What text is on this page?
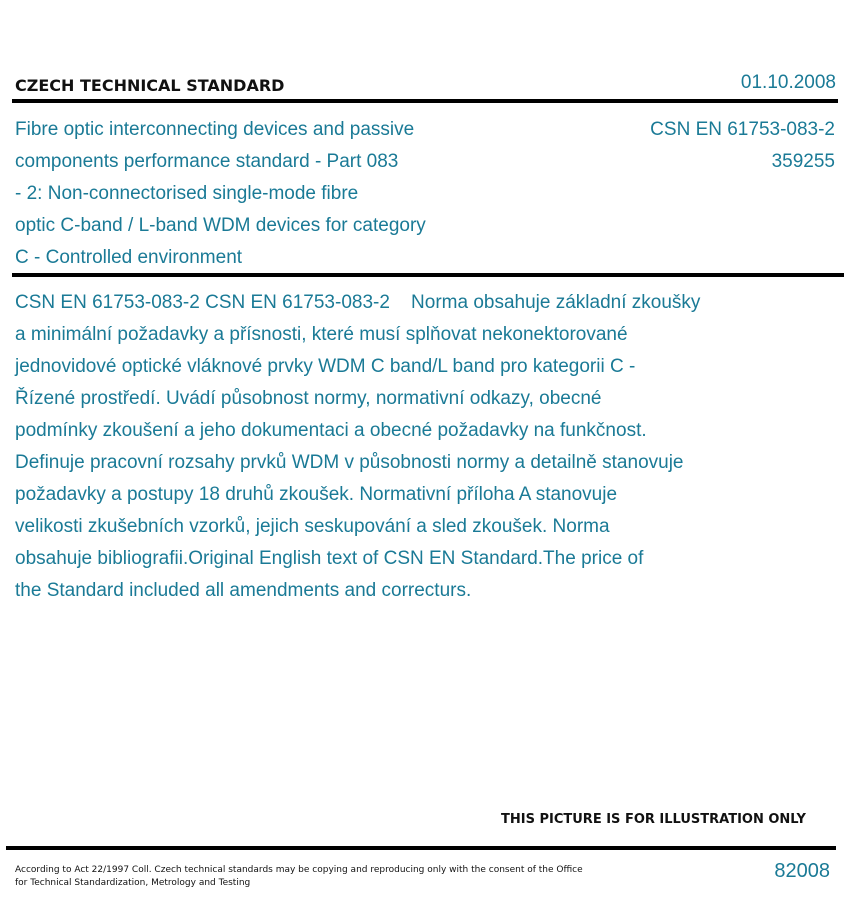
CZECH TECHNICAL STANDARD	01.10.2008
Fibre optic interconnecting devices and passive
components performance standard - Part 083
- 2: Non-connectorised single-mode fibre
optic C-band / L-band WDM devices for category
C - Controlled environment
CSN EN 61753-083-2
359255
CSN EN 61753-083-2 CSN EN 61753-083-2    Norma obsahuje základní zkoušky
a minimální požadavky a přísnosti, které musí splňovat nekonektorované
jednovidové optické vláknové prvky WDM C band/L band pro kategorii C -
Řízené prostředí. Uvádí působnost normy, normativní odkazy, obecné
podmínky zkoušení a jeho dokumentaci a obecné požadavky na funkčnost.
Definuje pracovní rozsahy prvků WDM v působnosti normy a detailně stanovuje
požadavky a postupy 18 druhů zkoušek. Normativní příloha A stanovuje
velikosti zkušebních vzorků, jejich seskupování a sled zkoušek. Norma
obsahuje bibliografii.Original English text of CSN EN Standard.The price of
the Standard included all amendments and correcturs.
THIS PICTURE IS FOR ILLUSTRATION ONLY
According to Act 22/1997 Coll. Czech technical standards may be copying and reproducing only with the consent of the Office
for Technical Standardization, Metrology and Testing
82008
